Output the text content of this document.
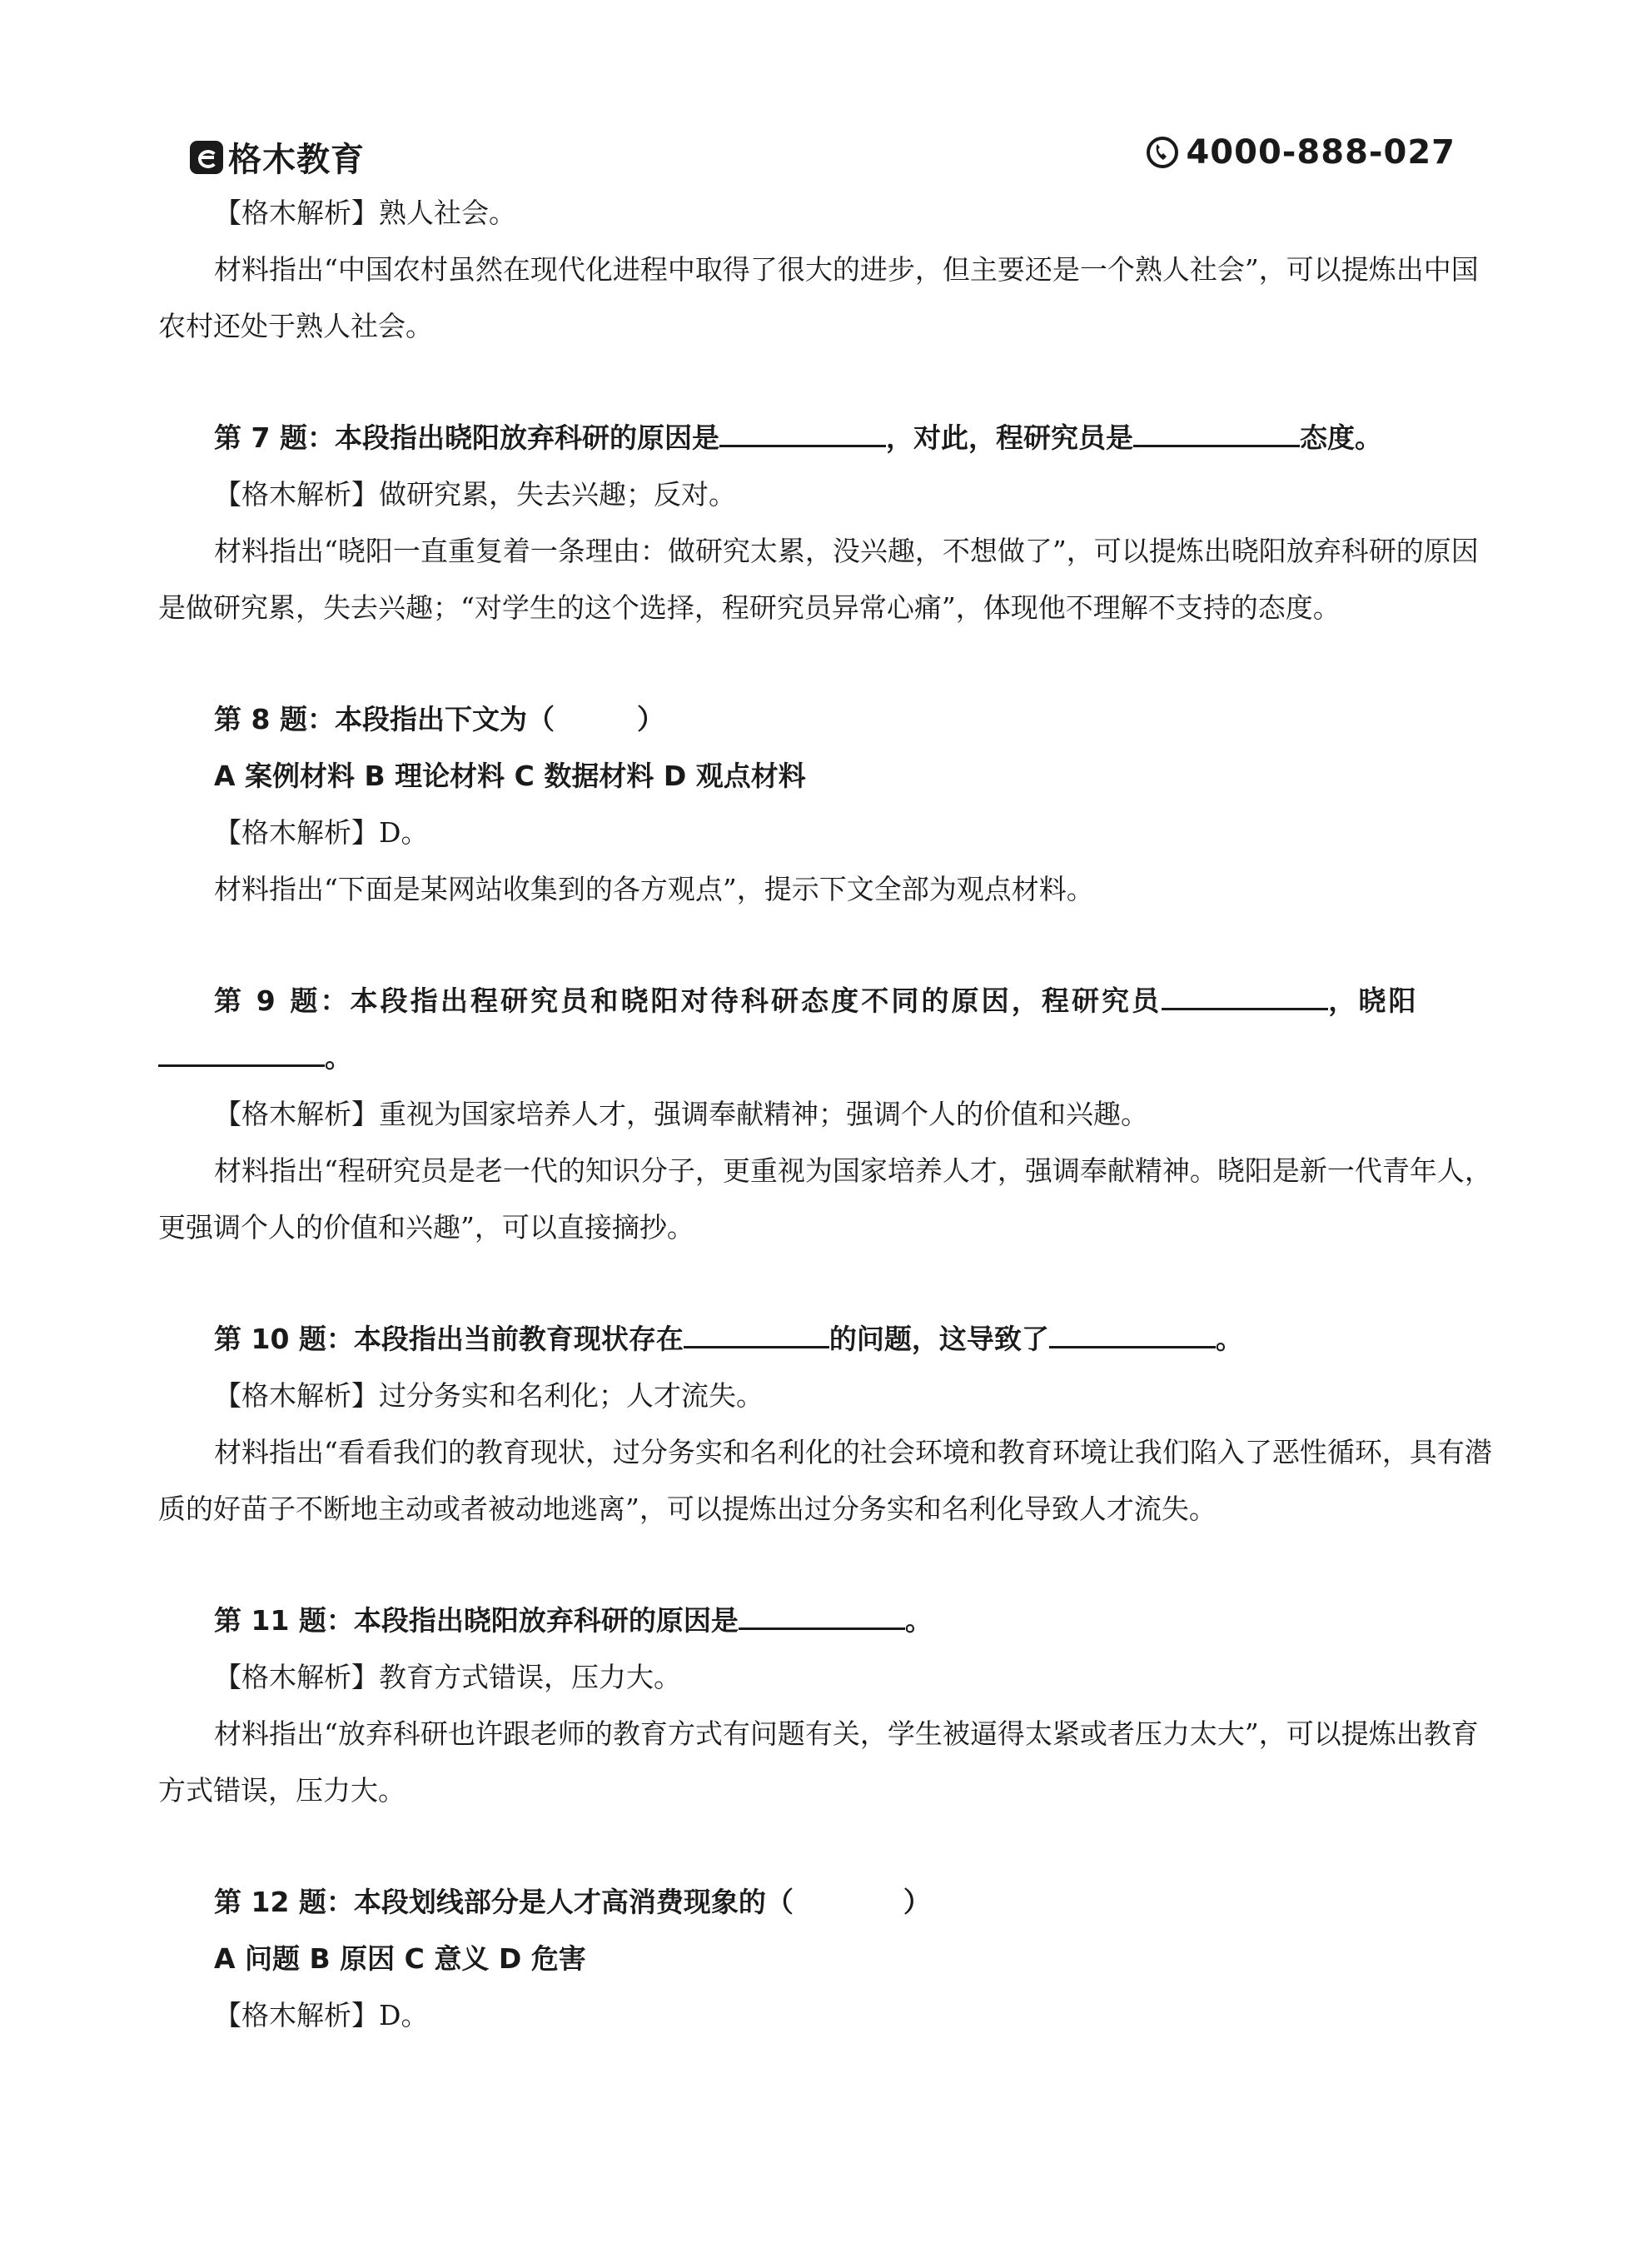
格木教育	4000-888-027

【格木解析】熟人社会。

材料指出“中国农村虽然在现代化进程中取得了很大的进步，但主要还是一个熟人社会”，可以提炼出中国农村还处于熟人社会。

第 7 题：本段指出晓阳放弃科研的原因是	，对此，程研究员是	态度。

【格木解析】做研究累，失去兴趣；反对。

材料指出“晓阳一直重复着一条理由：做研究太累，没兴趣，不想做了”，可以提炼出晓阳放弃科研的原因是做研究累，失去兴趣；“对学生的这个选择，程研究员异常心痛”，体现他不理解不支持的态度。

第 8 题：本段指出下文为（　　　）

A 案例材料 B 理论材料 C 数据材料 D 观点材料

【格木解析】D。

材料指出“下面是某网站收集到的各方观点”，提示下文全部为观点材料。

第 9 题：本段指出程研究员和晓阳对待科研态度不同的原因，程研究员	，晓阳。

【格木解析】重视为国家培养人才，强调奉献精神；强调个人的价值和兴趣。

材料指出“程研究员是老一代的知识分子，更重视为国家培养人才，强调奉献精神。晓阳是新一代青年人，更强调个人的价值和兴趣”，可以直接摘抄。

第 10 题：本段指出当前教育现状存在	的问题，这导致了	。

【格木解析】过分务实和名利化；人才流失。

材料指出“看看我们的教育现状，过分务实和名利化的社会环境和教育环境让我们陷入了恶性循环，具有潜质的好苗子不断地主动或者被动地逃离”，可以提炼出过分务实和名利化导致人才流失。

第 11 题：本段指出晓阳放弃科研的原因是	。

【格木解析】教育方式错误，压力大。

材料指出“放弃科研也许跟老师的教育方式有问题有关，学生被逼得太紧或者压力太大”，可以提炼出教育方式错误，压力大。

第 12 题：本段划线部分是人才高消费现象的（　　　　）

A 问题 B 原因 C 意义 D 危害

【格木解析】D。
